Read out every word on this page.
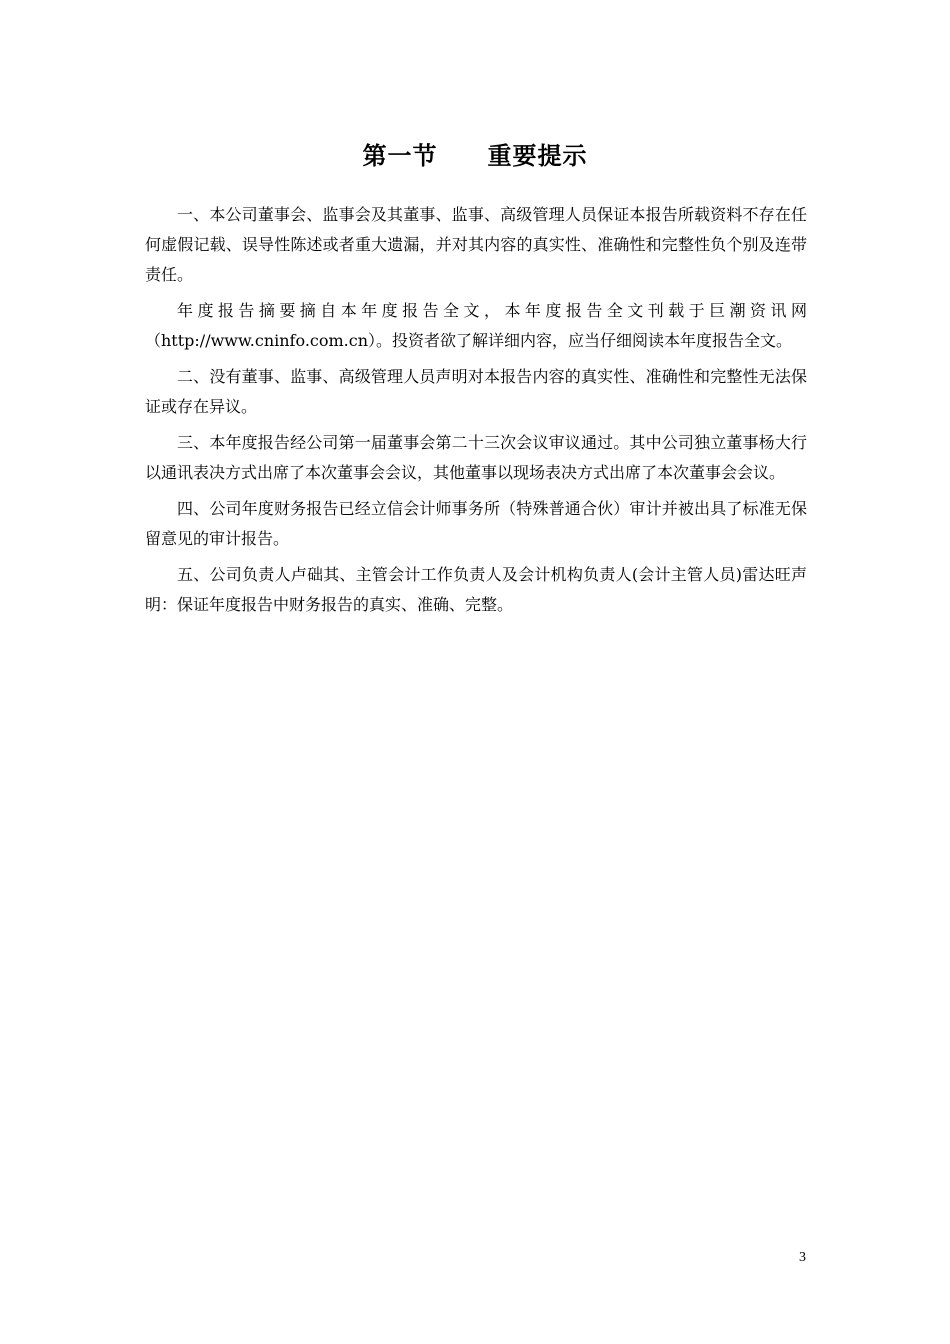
第一节　　重要提示

一、本公司董事会、监事会及其董事、监事、高级管理人员保证本报告所载资料不存在任何虚假记载、误导性陈述或者重大遗漏，并对其内容的真实性、准确性和完整性负个别及连带责任。

年度报告摘要摘自本年度报告全文，本年度报告全文刊载于巨潮资讯网（http://www.cninfo.com.cn）。投资者欲了解详细内容，应当仔细阅读本年度报告全文。

二、没有董事、监事、高级管理人员声明对本报告内容的真实性、准确性和完整性无法保证或存在异议。

三、本年度报告经公司第一届董事会第二十三次会议审议通过。其中公司独立董事杨大行以通讯表决方式出席了本次董事会会议，其他董事以现场表决方式出席了本次董事会会议。

四、公司年度财务报告已经立信会计师事务所（特殊普通合伙）审计并被出具了标准无保留意见的审计报告。

五、公司负责人卢础其、主管会计工作负责人及会计机构负责人(会计主管人员)雷达旺声明：保证年度报告中财务报告的真实、准确、完整。

3
